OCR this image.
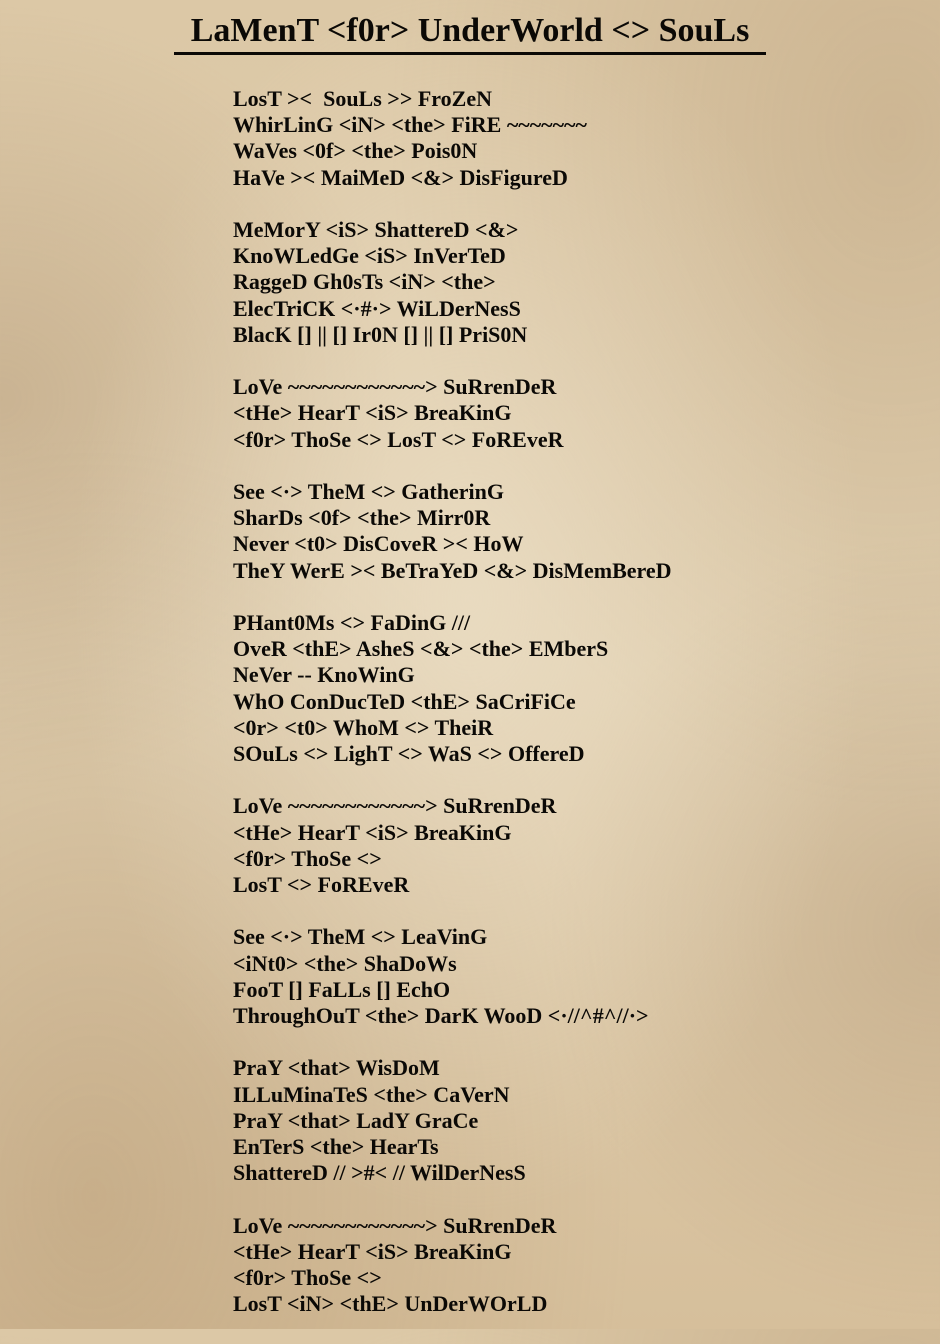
LaMenT <f0r> UnderWorld <> SouLs
LosT ><  SouLs >> FroZeN
WhirLinG <iN> <the> FiRE ~~~~~~~
WaVes <0f> <the> Pois0N
HaVe >< MaiMeD <&> DisFigureD
MeMorY <iS> ShattereD <&>
KnoWLedGe <iS> InVerTeD
RaggeD Gh0sTs <iN> <the>
ElecTriCK <·#·> WiLDerNesS
BlacK [] || [] Ir0N [] || [] PriS0N
LoVe ~~~~~~~~~~~~> SuRrenDeR
<tHe> HearT <iS> BreaKinG
<f0r> ThoSe <> LosT <> FoREveR
See <·> TheM <> GatherinG
SharDs <0f> <the> Mirr0R
Never <t0> DisCoveR >< HoW
TheY WerE >< BeTraYeD <&> DisMemBereD
PHant0Ms <> FaDinG ///
OveR <thE> AsheS <&> <the> EMberS
NeVer -- KnoWinG
WhO ConDucTeD <thE> SaCriFiCe
<0r> <t0> WhoM <> TheiR
SOuLs <> LighT <> WaS <> OffereD
LoVe ~~~~~~~~~~~~> SuRrenDeR
<tHe> HearT <iS> BreaKinG
<f0r> ThoSe <>
LosT <> FoREveR
See <·> TheM <> LeaVinG
<iNt0> <the> ShaDoWs
FooT [] FaLLs [] EchO
ThroughOuT <the> DarK WooD <·//^#^//·>
PraY <that> WisDoM
ILLuMinaTeS <the> CaVerN
PraY <that> LadY GraCe
EnTerS <the> HearTs
ShattereD // >#< // WilDerNesS
LoVe ~~~~~~~~~~~~> SuRrenDeR
<tHe> HearT <iS> BreaKinG
<f0r> ThoSe <>
LosT <iN> <thE> UnDerWOrLD
